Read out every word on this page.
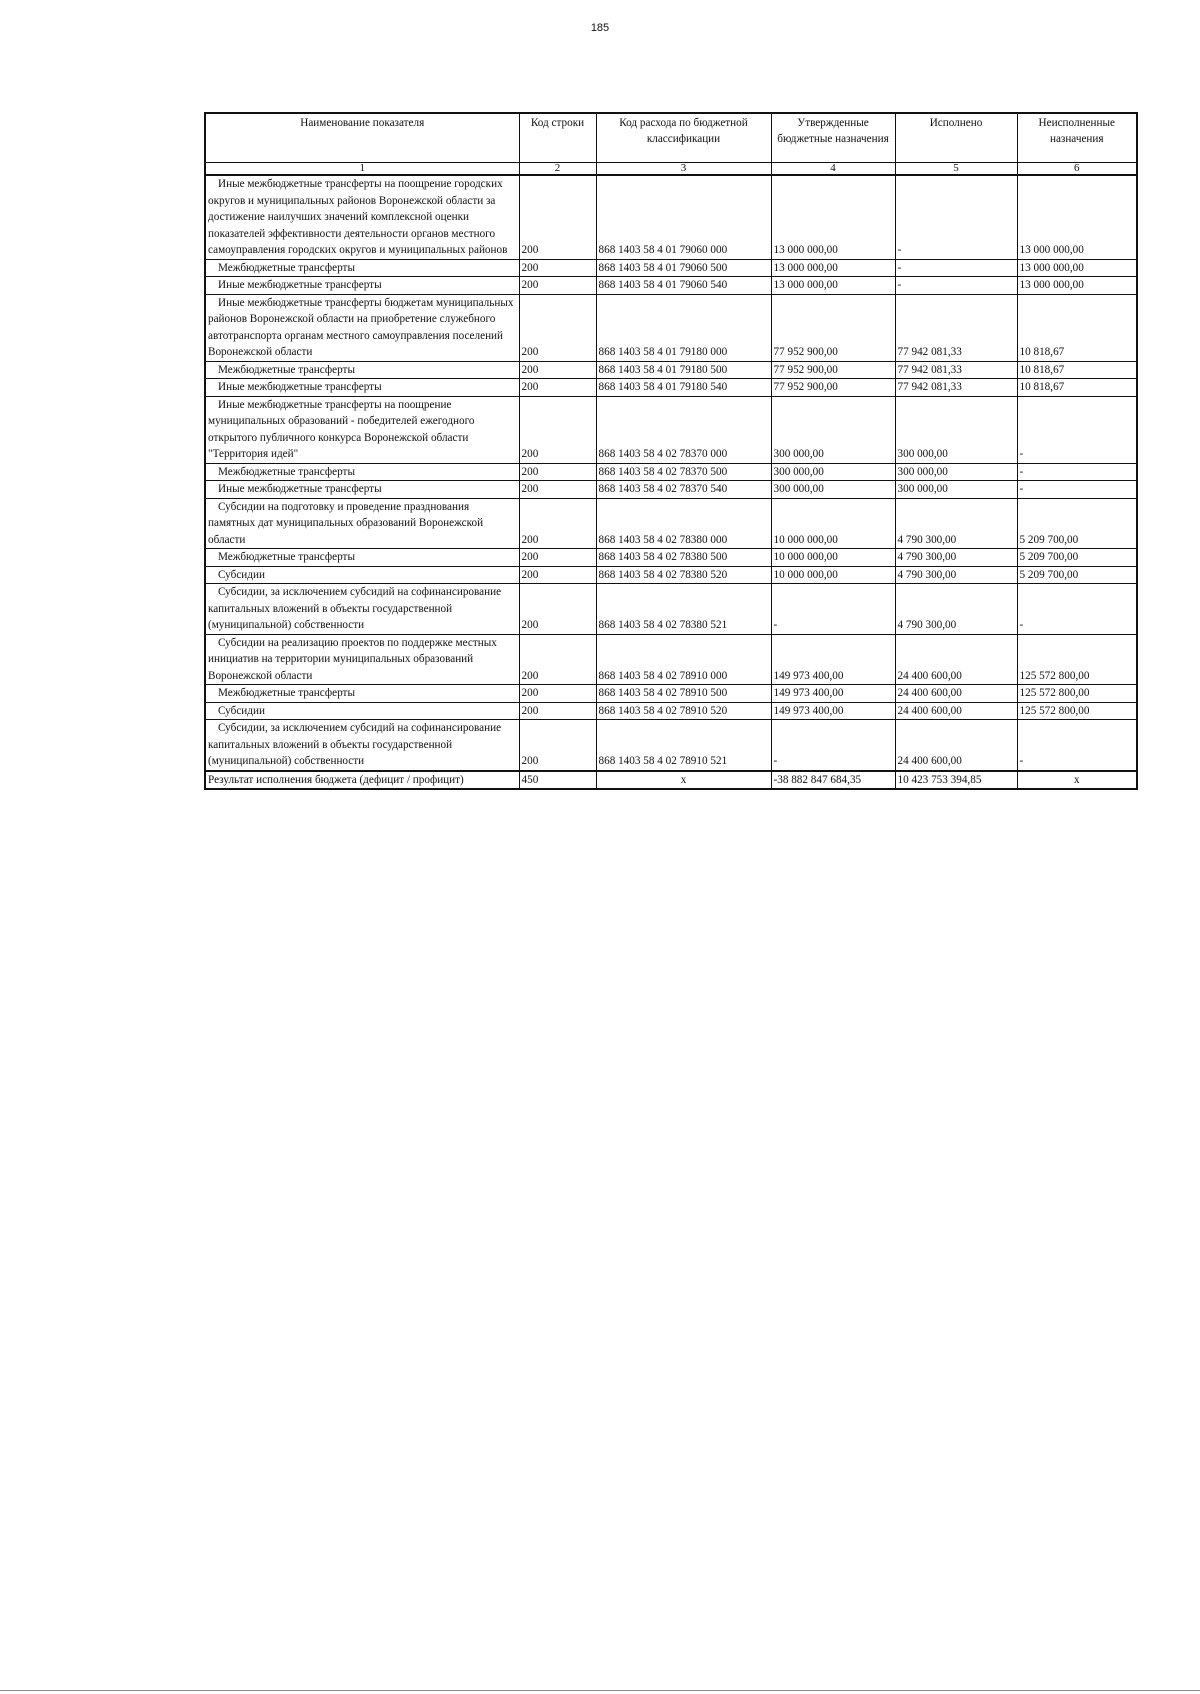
185
Наименование показателя	Код строки	Код расхода по бюджетной классификации	Утвержденные бюджетные назначения	Исполнено	Неисполненные назначения
1	2	3	4	5	6
Иные межбюджетные трансферты на поощрение городских округов и муниципальных районов Воронежской области за достижение наилучших значений комплексной оценки показателей эффективности деятельности органов местного самоуправления городских округов и муниципальных районов	200	868 1403 58 4 01 79060 000	13 000 000,00	-	13 000 000,00
Межбюджетные трансферты	200	868 1403 58 4 01 79060 500	13 000 000,00	-	13 000 000,00
Иные межбюджетные трансферты	200	868 1403 58 4 01 79060 540	13 000 000,00	-	13 000 000,00
Иные межбюджетные трансферты бюджетам муниципальных районов Воронежской области на приобретение служебного автотранспорта органам местного самоуправления поселений Воронежской области	200	868 1403 58 4 01 79180 000	77 952 900,00	77 942 081,33	10 818,67
Межбюджетные трансферты	200	868 1403 58 4 01 79180 500	77 952 900,00	77 942 081,33	10 818,67
Иные межбюджетные трансферты	200	868 1403 58 4 01 79180 540	77 952 900,00	77 942 081,33	10 818,67
Иные межбюджетные трансферты на поощрение муниципальных образований - победителей ежегодного открытого публичного конкурса Воронежской области "Территория идей"	200	868 1403 58 4 02 78370 000	300 000,00	300 000,00	-
Межбюджетные трансферты	200	868 1403 58 4 02 78370 500	300 000,00	300 000,00	-
Иные межбюджетные трансферты	200	868 1403 58 4 02 78370 540	300 000,00	300 000,00	-
Субсидии на подготовку и проведение празднования памятных дат муниципальных образований Воронежской области	200	868 1403 58 4 02 78380 000	10 000 000,00	4 790 300,00	5 209 700,00
Межбюджетные трансферты	200	868 1403 58 4 02 78380 500	10 000 000,00	4 790 300,00	5 209 700,00
Субсидии	200	868 1403 58 4 02 78380 520	10 000 000,00	4 790 300,00	5 209 700,00
Субсидии, за исключением субсидий на софинансирование капитальных вложений в объекты государственной (муниципальной) собственности	200	868 1403 58 4 02 78380 521	-	4 790 300,00	-
Субсидии на реализацию проектов по поддержке местных инициатив на территории муниципальных образований Воронежской области	200	868 1403 58 4 02 78910 000	149 973 400,00	24 400 600,00	125 572 800,00
Межбюджетные трансферты	200	868 1403 58 4 02 78910 500	149 973 400,00	24 400 600,00	125 572 800,00
Субсидии	200	868 1403 58 4 02 78910 520	149 973 400,00	24 400 600,00	125 572 800,00
Субсидии, за исключением субсидий на софинансирование капитальных вложений в объекты государственной (муниципальной) собственности	200	868 1403 58 4 02 78910 521	-	24 400 600,00	-
Результат исполнения бюджета (дефицит / профицит)	450	x	-38 882 847 684,35	10 423 753 394,85	x
